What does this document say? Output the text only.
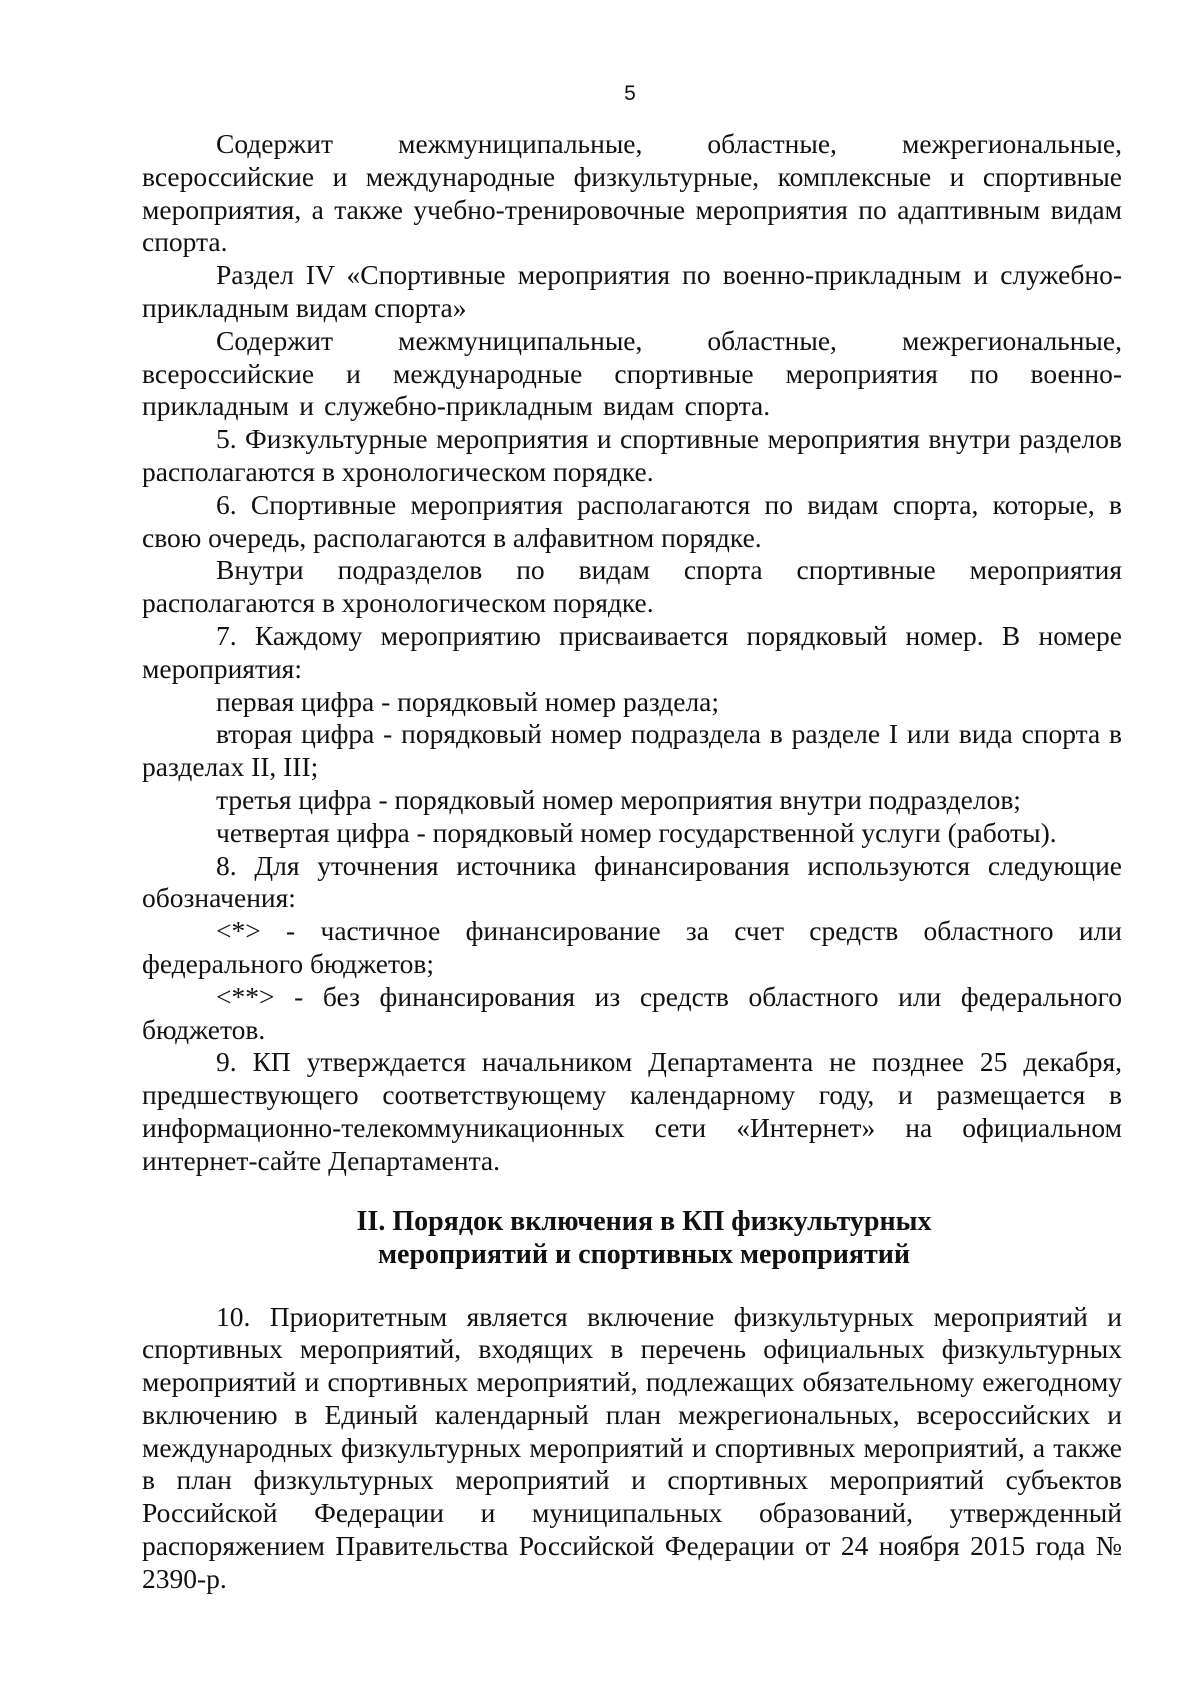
5

Содержит межмуниципальные, областные, межрегиональные, всероссийские и международные физкультурные, комплексные и спортивные мероприятия, а также учебно-тренировочные мероприятия по адаптивным видам спорта.

Раздел IV «Спортивные мероприятия по военно-прикладным и служебно-прикладным видам спорта»

Содержит межмуниципальные, областные, межрегиональные, всероссийские и международные спортивные мероприятия по военно-прикладным и служебно-прикладным видам спорта.

5. Физкультурные мероприятия и спортивные мероприятия внутри разделов располагаются в хронологическом порядке.

6. Спортивные мероприятия располагаются по видам спорта, которые, в свою очередь, располагаются в алфавитном порядке.

Внутри подразделов по видам спорта спортивные мероприятия располагаются в хронологическом порядке.

7. Каждому мероприятию присваивается порядковый номер. В номере мероприятия:

первая цифра - порядковый номер раздела;

вторая цифра - порядковый номер подраздела в разделе I или вида спорта в разделах II, III;

третья цифра - порядковый номер мероприятия внутри подразделов;

четвертая цифра - порядковый номер государственной услуги (работы).

8. Для уточнения источника финансирования используются следующие обозначения:

<*> - частичное финансирование за счет средств областного или федерального бюджетов;

<**> - без финансирования из средств областного или федерального бюджетов.

9. КП утверждается начальником Департамента не позднее 25 декабря, предшествующего соответствующему календарному году, и размещается в информационно-телекоммуникационных сети «Интернет» на официальном интернет-сайте Департамента.

II. Порядок включения в КП физкультурных
мероприятий и спортивных мероприятий

10. Приоритетным является включение физкультурных мероприятий и спортивных мероприятий, входящих в перечень официальных физкультурных мероприятий и спортивных мероприятий, подлежащих обязательному ежегодному включению в Единый календарный план межрегиональных, всероссийских и международных физкультурных мероприятий и спортивных мероприятий, а также в план физкультурных мероприятий и спортивных мероприятий субъектов Российской Федерации и муниципальных образований, утвержденный распоряжением Правительства Российской Федерации от 24 ноября 2015 года № 2390-р.
